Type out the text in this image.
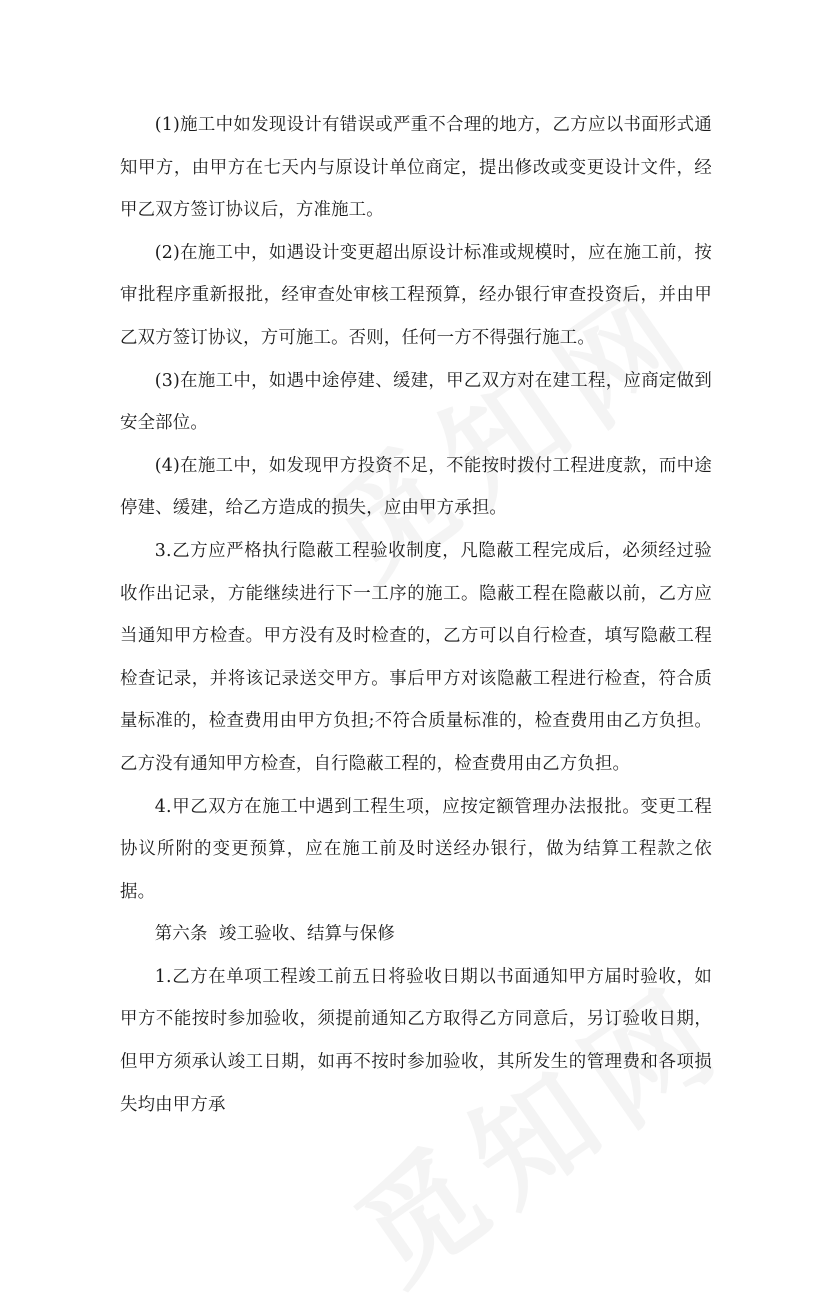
(1)施工中如发现设计有错误或严重不合理的地方，乙方应以书面形式通知甲方，由甲方在七天内与原设计单位商定，提出修改或变更设计文件，经甲乙双方签订协议后，方准施工。

(2)在施工中，如遇设计变更超出原设计标准或规模时，应在施工前，按审批程序重新报批，经审查处审核工程预算，经办银行审查投资后，并由甲乙双方签订协议，方可施工。否则，任何一方不得强行施工。

(3)在施工中，如遇中途停建、缓建，甲乙双方对在建工程，应商定做到安全部位。

(4)在施工中，如发现甲方投资不足，不能按时拨付工程进度款，而中途停建、缓建，给乙方造成的损失，应由甲方承担。

3.乙方应严格执行隐蔽工程验收制度，凡隐蔽工程完成后，必须经过验收作出记录，方能继续进行下一工序的施工。隐蔽工程在隐蔽以前，乙方应当通知甲方检查。甲方没有及时检查的，乙方可以自行检查，填写隐蔽工程检查记录，并将该记录送交甲方。事后甲方对该隐蔽工程进行检查，符合质量标准的，检查费用由甲方负担;不符合质量标准的，检查费用由乙方负担。乙方没有通知甲方检查，自行隐蔽工程的，检查费用由乙方负担。

4.甲乙双方在施工中遇到工程生项，应按定额管理办法报批。变更工程协议所附的变更预算，应在施工前及时送经办银行，做为结算工程款之依据。

第六条  竣工验收、结算与保修

1.乙方在单项工程竣工前五日将验收日期以书面通知甲方届时验收，如甲方不能按时参加验收，须提前通知乙方取得乙方同意后，另订验收日期，但甲方须承认竣工日期，如再不按时参加验收，其所发生的管理费和各项损失均由甲方承
